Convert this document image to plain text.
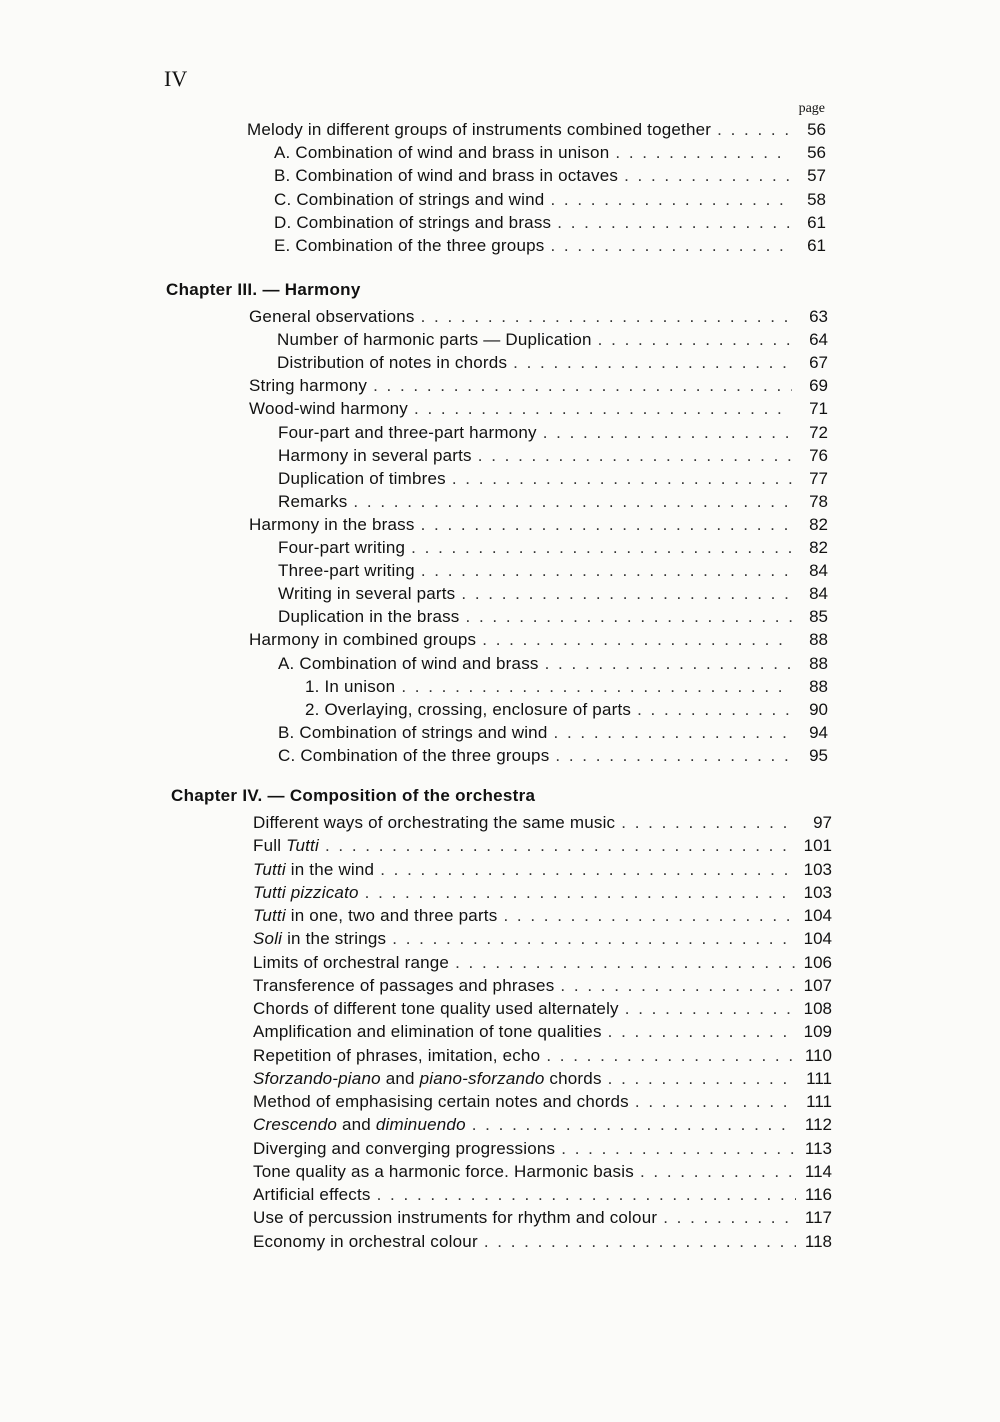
IV
page
Chapter III. — Harmony
Chapter IV. — Composition of the orchestra
Melody in different groups of instruments combined together . . .	56
A. Combination of wind and brass in unison . . .	56
B. Combination of wind and brass in octaves . . .	57
C. Combination of strings and wind . . .	58
D. Combination of strings and brass . . .	61
E. Combination of the three groups . . .	61
General observations . . .	63
Number of harmonic parts — Duplication . . .	64
Distribution of notes in chords . . .	67
String harmony . . .	69
Wood-wind harmony . . .	71
Four-part and three-part harmony . . .	72
Harmony in several parts . . .	76
Duplication of timbres . . .	77
Remarks . . .	78
Harmony in the brass . . .	82
Four-part writing . . .	82
Three-part writing . . .	84
Writing in several parts . . .	84
Duplication in the brass . . .	85
Harmony in combined groups . . .	88
A. Combination of wind and brass . . .	88
1. In unison . . .	88
2. Overlaying, crossing, enclosure of parts . . .	90
B. Combination of strings and wind . . .	94
C. Combination of the three groups . . .	95
Different ways of orchestrating the same music . . .	97
Full Tutti . . .	101
Tutti in the wind . . .	103
Tutti pizzicato . . .	103
Tutti in one, two and three parts . . .	104
Soli in the strings . . .	104
Limits of orchestral range . . .	106
Transference of passages and phrases . . .	107
Chords of different tone quality used alternately . . .	108
Amplification and elimination of tone qualities . . .	109
Repetition of phrases, imitation, echo . . .	110
Sforzando-piano and piano-sforzando chords . . .	111
Method of emphasising certain notes and chords . . .	111
Crescendo and diminuendo . . .	112
Diverging and converging progressions . . .	113
Tone quality as a harmonic force. Harmonic basis . . .	114
Artificial effects . . .	116
Use of percussion instruments for rhythm and colour . . .	117
Economy in orchestral colour . . .	118
